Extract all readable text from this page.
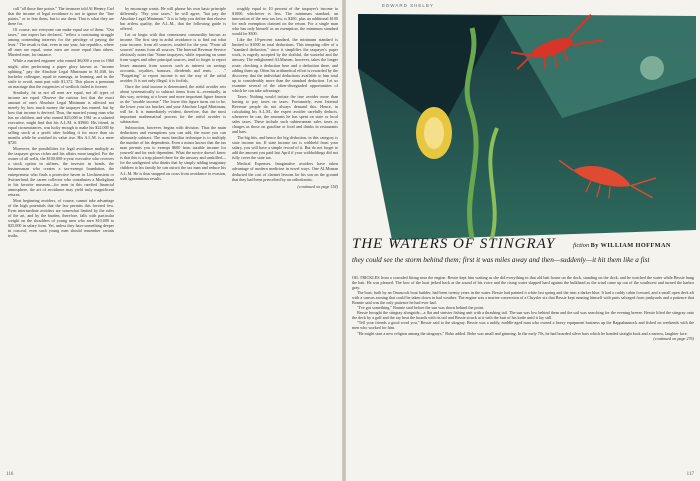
call "all those fine points." The treasurer told Al Henery Carl that the income of legal avoidance is not to ignore the "fine points," or to fear them, but to use them. That is what they are there for.

Of course, not everyone can make equal use of them. "Our taxes," one expert has declared, "reflect a continuing struggle among contending interests for the privilege of paying the least." The result is that, even in one year, fair republics, where all men are equal, some men are more equal than others. Married men, for instance.

While a married engineer who earned $6,000 a year in 1960 might, after performing a paper glory known as "income splitting," pay the Absolute Legal Minimum in $1,048, his bachelor colleague, equal in earnings, in learning, and in the strife to avoid, must part with $1,372. This places a premium on marriage that the exigencies of wedlock failed to foresee.

Similarly, fat as not all men are equal, not all types of income are equal. Observe the curious fact that the exact amount of one's Absolute Legal Minimum is affected not merely by how much money the taxpayer has earned, but by how that income is derived. Thus, the married young man who has no children, and who earned $25,000 in 1961 as a salaried executive, might find that his A.L.M. is $3960. His friend, in equal circumstances, was lucky enough to make his $22,000 by selling stock at a profit after holding it for more than six months while he watched its value rise. His A.L.M. is a mere $720.

Moreover, the possibilities for legal avoidance multiply as the taxpayer grows richer and his affairs more tangled. For the owner of all wells, the $100,000-a-year executive who receives a stock option in airlines, the investor in bonds, the businessman who creates a tax-exempt foundation, the entrepreneur who finds a protective haven in Liechtenstein or Switzerland, the career collector who contributes a Modigliani to his favorite museum—for men in this rarefied financial atmosphere, the art of avoidance may yield truly magnificent returns.

Most beginning avoiders, of course, cannot take advantage of the high potentials that the law permits this favored few. Even intermediate avoiders are somewhat limited by the rules of the art, and by the burden, therefore, falls with particular weight on the shoulders of young men who earn $10,000 to $25,000 in salary form. Yet, unless they have something deeper in conceal, even such young men should remember certain truths.

by encourage wants. He will phrase his own basic principle differently. "Pay your taxes," he will agree, "but pay the Absolute Legal Minimum." It is to help you define that elusive but artless quality, the A.L.M., that the following guide is offered.

Let us begin with that commonest commodity known as income. The first step in artful avoidance is to find out what your income, from all sources, totaled for the year. "From all sources" means from all sources. The Internal Revenue Service obviously notes that "Some taxpayers, while reporting on some from wages and other principal sources, tend to forget to report lesser amounts from sources such as interest on savings accounts, royalties, bonuses, dividends and rents. . . ." "Forgetting" to report income is not the way of the artful avoider. It is not only illegal, it is foolish.

Once the total income is determined, the artful avoider sets about systematically to subtract items from it—eventually, in this way, arriving at a lower and more important figure known as the "taxable income." The lower this figure turns out to be, the lower your tax bracket, and your Absolute Legal Minimum, will be. It is immediately evident, therefore, that the most important mathematical process for the artful avoider is subtraction.

Subtraction, however, begins with division. Thus the main deductions and exemptions you can add, the more you can ultimately subtract. The most familiar technique is to multiply the number of his dependents. Even a minor knows that the tax man permits you to exempt $600 from taxable income for yourself and for each dependent. What the novice doesn't know is that this is a trap placed there for the unwary and unskilled—for the undigested who thinks that by simply adding imaginary children to his family he can outwit the tax man and reduce his A.L.M. He is thus snapped on cross from avoidance to evasion, with ignominious results.

roughly equal to 10 percent of the taxpayer's income to $1000, whichever is less. The minimum standard, an innovation of the new tax law, is $200, plus an additional $100 for each exemption claimed on the return. For a single man who has only himself as an exemption, the minimum standard would be $300.

Like the 10-percent standard, the minimum standard is limited to $1000 in total deductions. This tempting offer of a "standard deduction," since it simplifies the taxpayer's paper work, is eagerly accepted by the slothful, the wasteful and the unwary. The enlightened ALMsmen, however, takes the longer route, checking a deduction here and a deduction there, and adding them up. Often his arithmetical effort is rewarded by the discovery that the individual deductions available to him total up to considerably more than the standard deduction. Let us examine several of the often-disregarded opportunities of which he can take advantage.

Taxes. Nothing would irritate the true avoider more than having to pay taxes on taxes. Fortunately, even Internal Revenue people do not always demand this. Hence, in calculating his A.L.M., the expert avoider carefully deducts, whenever he can, the amounts he has spent on state or local sales taxes. These include such subterranean sales taxes as charges as those on gasoline or food and drinks in restaurants and bars.

The big hits, and hence the big deduction, in this category is state income tax. If state income tax is withheld from your salary, you will have a simple record of it. But do not forget to add the amount you paid last April if your withholdings did not fully cover the state tax.

Medical Expenses. Imaginative avoiders have taken advantage of modern medicine in novel ways. One ALMsman deducted the cost of clarinet lessons for his son on the ground that they had been prescribed by an orthodontist.

(continued on page 154)

116
EDWARD SHELBY
THE WATERS OF STINGRAY	fiction By WILLIAM HOFFMAN
they could see the storm behind them; first it was miles away and then—suddenly—it hit them like a fist

OIL TRICKLES from a corroded fitting near the engine. Bessie kept him waiting as she did everything in that old bait house on the dock, standing on the dock, and he watched the water while Bessie hung the bait. He was pleased. The bow of the boat jerked back at the sound of his voice and the rising water slapped hard against the bulkhead as the wind came up out of the southwest and turned the harbor gray.

The boat, built by an Onancock boat builder, had been twenty years in the water. Bessie had painted it white last spring and the trim a darker blue. It had a cuddy cabin forward, and a small open deck aft with a canvas awning that could be taken down in bad weather. The engine was a marine conversion of a Chrysler six that Bessie kept running himself with parts salvaged from junkyards and a patience that Bonnie said was the only patience he had ever had.

"I've got something," Bonnie said before the sun was down behind the point.

Bessie brought the stingray alongside—a flat and sinister fishing unit with a thrashing tail. The sun was low behind them and the sail was searching for the evening breeze. Bessie lifted the stingray onto the deck by a gaff and the ray beat the boards with its tail and Bessie struck at it with the butt of his knife until it lay still.

"Tell your friends a good word you," Bessie said to the stingray. Bessie was a ruddy, middle-aged man who owned a heavy equipment business up the Rappahannock and fished on weekends with the men who worked for him.

"He might start a new religion among the stingrays," Bobo added. Bobo was small and grinning. In the early 70s, he had boarded silver bars which he bonded straight back and a narrow, laughter face.

(continued on page 276)

117
